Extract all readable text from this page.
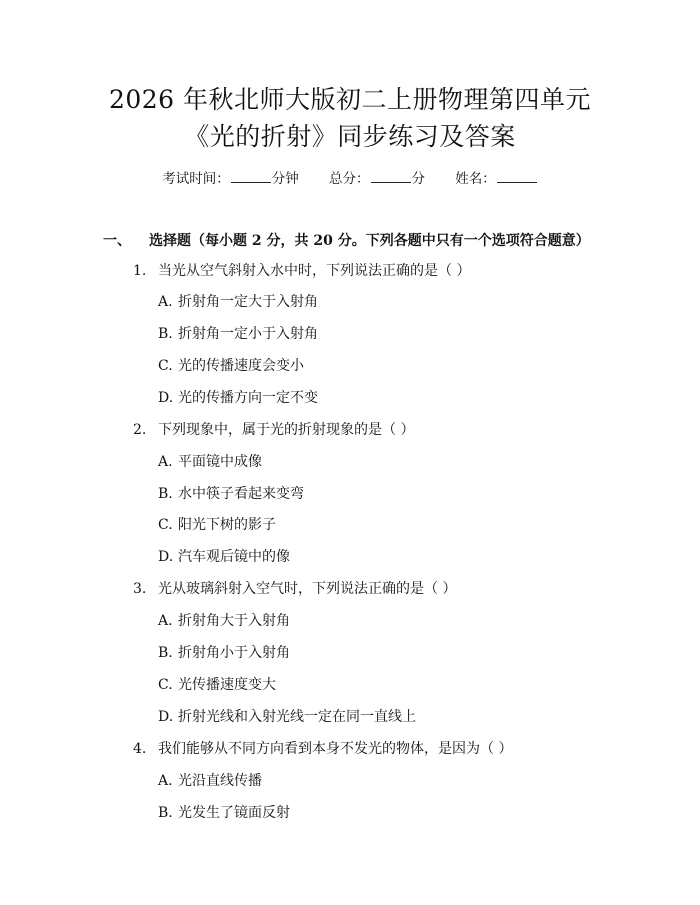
2026 年秋北师大版初二上册物理第四单元
《光的折射》同步练习及答案
考试时间：	分钟 总分：	分 姓名：
一、 选择题（每小题 2 分，共 20 分。下列各题中只有一个选项符合题意）
1. 当光从空气斜射入水中时，下列说法正确的是（ ）
A. 折射角一定大于入射角
B. 折射角一定小于入射角
C. 光的传播速度会变小
D. 光的传播方向一定不变
2. 下列现象中，属于光的折射现象的是（ ）
A. 平面镜中成像
B. 水中筷子看起来变弯
C. 阳光下树的影子
D. 汽车观后镜中的像
3. 光从玻璃斜射入空气时，下列说法正确的是（ ）
A. 折射角大于入射角
B. 折射角小于入射角
C. 光传播速度变大
D. 折射光线和入射光线一定在同一直线上
4. 我们能够从不同方向看到本身不发光的物体，是因为（ ）
A. 光沿直线传播
B. 光发生了镜面反射
